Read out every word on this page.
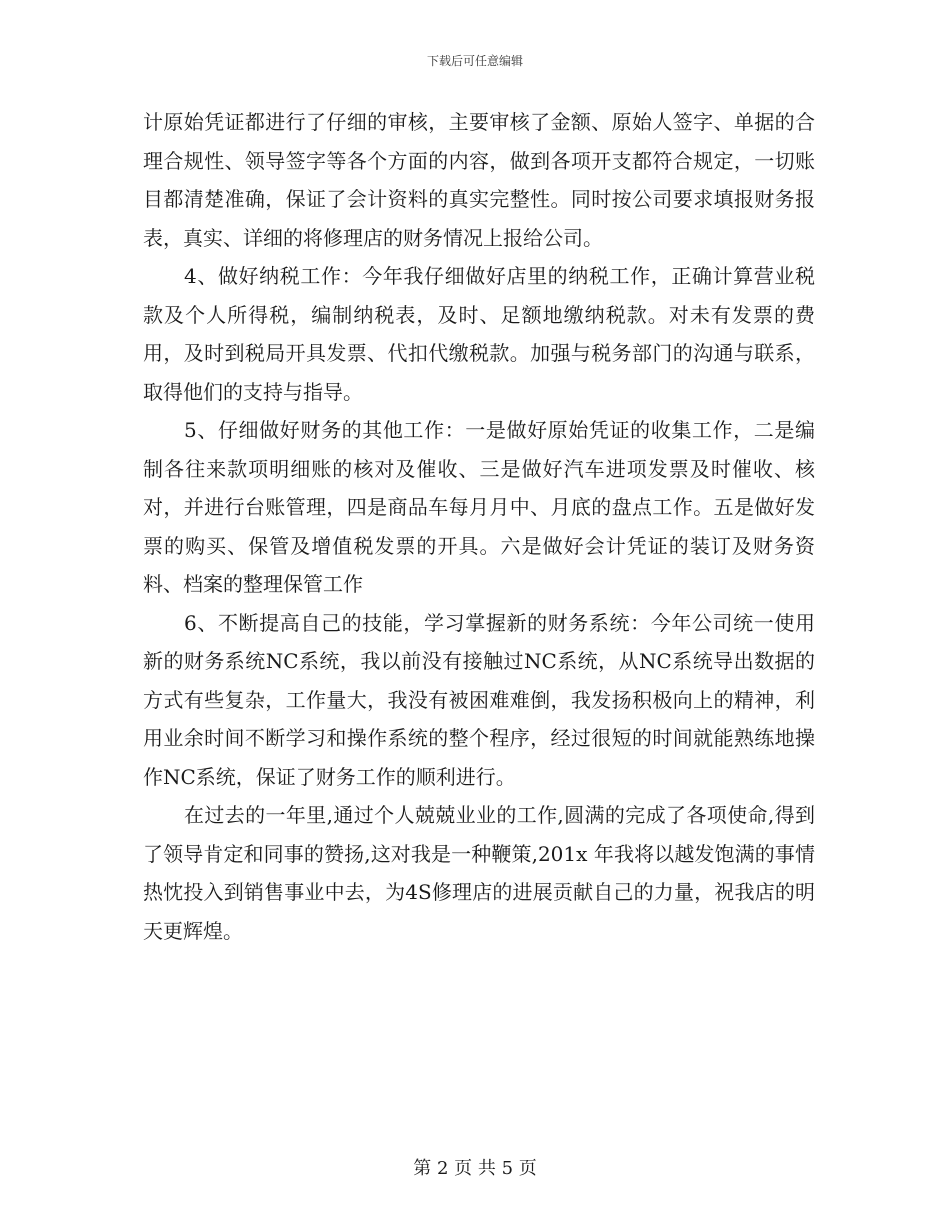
下载后可任意编辑

计原始凭证都进行了仔细的审核，主要审核了金额、原始人签字、单据的合理合规性、领导签字等各个方面的内容，做到各项开支都符合规定，一切账目都清楚准确，保证了会计资料的真实完整性。同时按公司要求填报财务报表，真实、详细的将修理店的财务情况上报给公司。

4、做好纳税工作：今年我仔细做好店里的纳税工作，正确计算营业税款及个人所得税，编制纳税表，及时、足额地缴纳税款。对未有发票的费用，及时到税局开具发票、代扣代缴税款。加强与税务部门的沟通与联系，取得他们的支持与指导。

5、仔细做好财务的其他工作：一是做好原始凭证的收集工作，二是编制各往来款项明细账的核对及催收、三是做好汽车进项发票及时催收、核对，并进行台账管理，四是商品车每月月中、月底的盘点工作。五是做好发票的购买、保管及增值税发票的开具。六是做好会计凭证的装订及财务资料、档案的整理保管工作

6、不断提高自己的技能，学习掌握新的财务系统：今年公司统一使用新的财务系统NC系统，我以前没有接触过NC系统，从NC系统导出数据的方式有些复杂，工作量大，我没有被困难难倒，我发扬积极向上的精神，利用业余时间不断学习和操作系统的整个程序，经过很短的时间就能熟练地操作NC系统，保证了财务工作的顺利进行。

在过去的一年里,通过个人兢兢业业的工作,圆满的完成了各项使命,得到了领导肯定和同事的赞扬,这对我是一种鞭策,201x 年我将以越发饱满的事情热忱投入到销售事业中去，为4S修理店的进展贡献自己的力量，祝我店的明天更辉煌。

第 2 页 共 5 页
